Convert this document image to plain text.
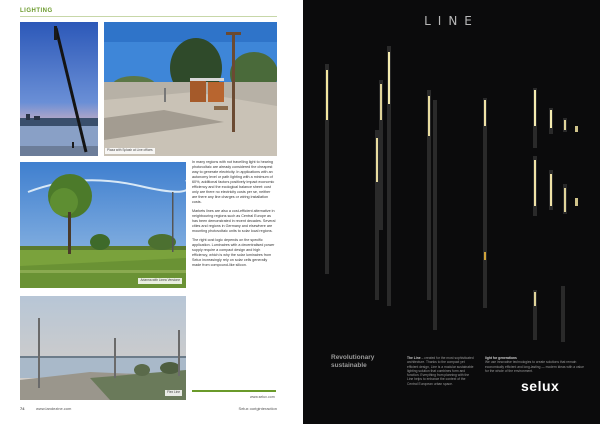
LIGHTING
Plaza with Splash at Line offices
Arianna with Linea Versione
Flex Line

In many regions with not travelling light to hearing photovoltaic are already considered the cheapest way to generate electricity. In applications with an autonomy level or path lighting with a minimum of 60%, additional factors positively impact economic efficiency and the ecological balance sheet: cost only are there no electricity costs per se, neither are there any line charges or wiring installation costs.

Markets lines are also a cost-efficient alternative in neighbouring regions such as Central Europe as has been demonstrated in recent decades. Several cities and regions in Germany and elsewhere are mounting photovoltaic units to solar local regions.

The right cost logic depends on the specific application. Luminaires with a decentralised power supply require a compact design and high efficiency, which is why the solar luminaires from Selux increasingly rely on solar cells generally made from compound-like silicon.

www.selux.com
74	www.landezine.com	Selux ooriginteraction
LINE
Revolutionary
sustainable
The Line – created for the most sophisticated architecture. Thanks to the compact yet efficient design, Line is a modular sustainable lighting solution that combines form and function. Everything from planning with the Line helps to enhance the context of the Central European urban space.
light for generations
We use innovative technologies to create solutions that remain economically efficient and long-lasting — modern ideas with a value for the whole of the environment.
selux
